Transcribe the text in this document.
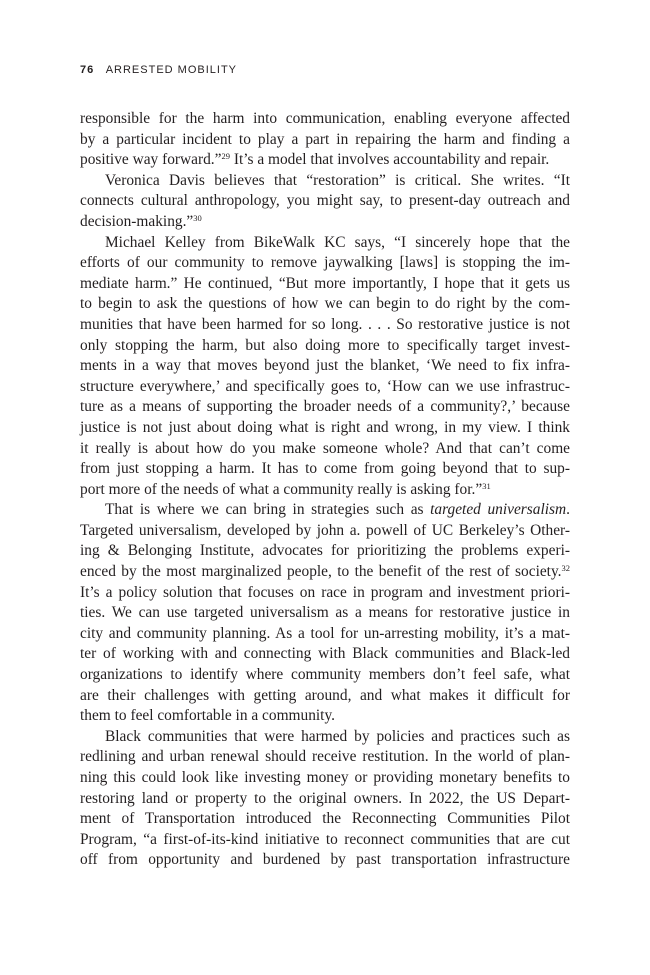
76 ARRESTED MOBILITY
responsible for the harm into communication, enabling everyone affected
by a particular incident to play a part in repairing the harm and finding a
positive way forward.”$^{29}$ It’s a model that involves accountability and repair.
Veronica Davis believes that “restoration” is critical. She writes. “It
connects cultural anthropology, you might say, to present-day outreach and
decision-making.”$^{30}$
Michael Kelley from BikeWalk KC says, “I sincerely hope that the
efforts of our community to remove jaywalking [laws] is stopping the im-
mediate harm.” He continued, “But more importantly, I hope that it gets us
to begin to ask the questions of how we can begin to do right by the com-
munities that have been harmed for so long. . . . So restorative justice is not
only stopping the harm, but also doing more to specifically target invest-
ments in a way that moves beyond just the blanket, ‘We need to fix infra-
structure everywhere,’ and specifically goes to, ‘How can we use infrastruc-
ture as a means of supporting the broader needs of a community?,’ because
justice is not just about doing what is right and wrong, in my view. I think
it really is about how do you make someone whole? And that can’t come
from just stopping a harm. It has to come from going beyond that to sup-
port more of the needs of what a community really is asking for.”$^{31}$
That is where we can bring in strategies such as targeted universalism.
Targeted universalism, developed by john a. powell of UC Berkeley’s Other-
ing & Belonging Institute, advocates for prioritizing the problems experi-
enced by the most marginalized people, to the benefit of the rest of society.$^{32}$
It’s a policy solution that focuses on race in program and investment priori-
ties. We can use targeted universalism as a means for restorative justice in
city and community planning. As a tool for un-arresting mobility, it’s a mat-
ter of working with and connecting with Black communities and Black-led
organizations to identify where community members don’t feel safe, what
are their challenges with getting around, and what makes it difficult for
them to feel comfortable in a community.
Black communities that were harmed by policies and practices such as
redlining and urban renewal should receive restitution. In the world of plan-
ning this could look like investing money or providing monetary benefits to
restoring land or property to the original owners. In 2022, the US Depart-
ment of Transportation introduced the Reconnecting Communities Pilot
Program, “a first-of-its-kind initiative to reconnect communities that are cut
off from opportunity and burdened by past transportation infrastructure
